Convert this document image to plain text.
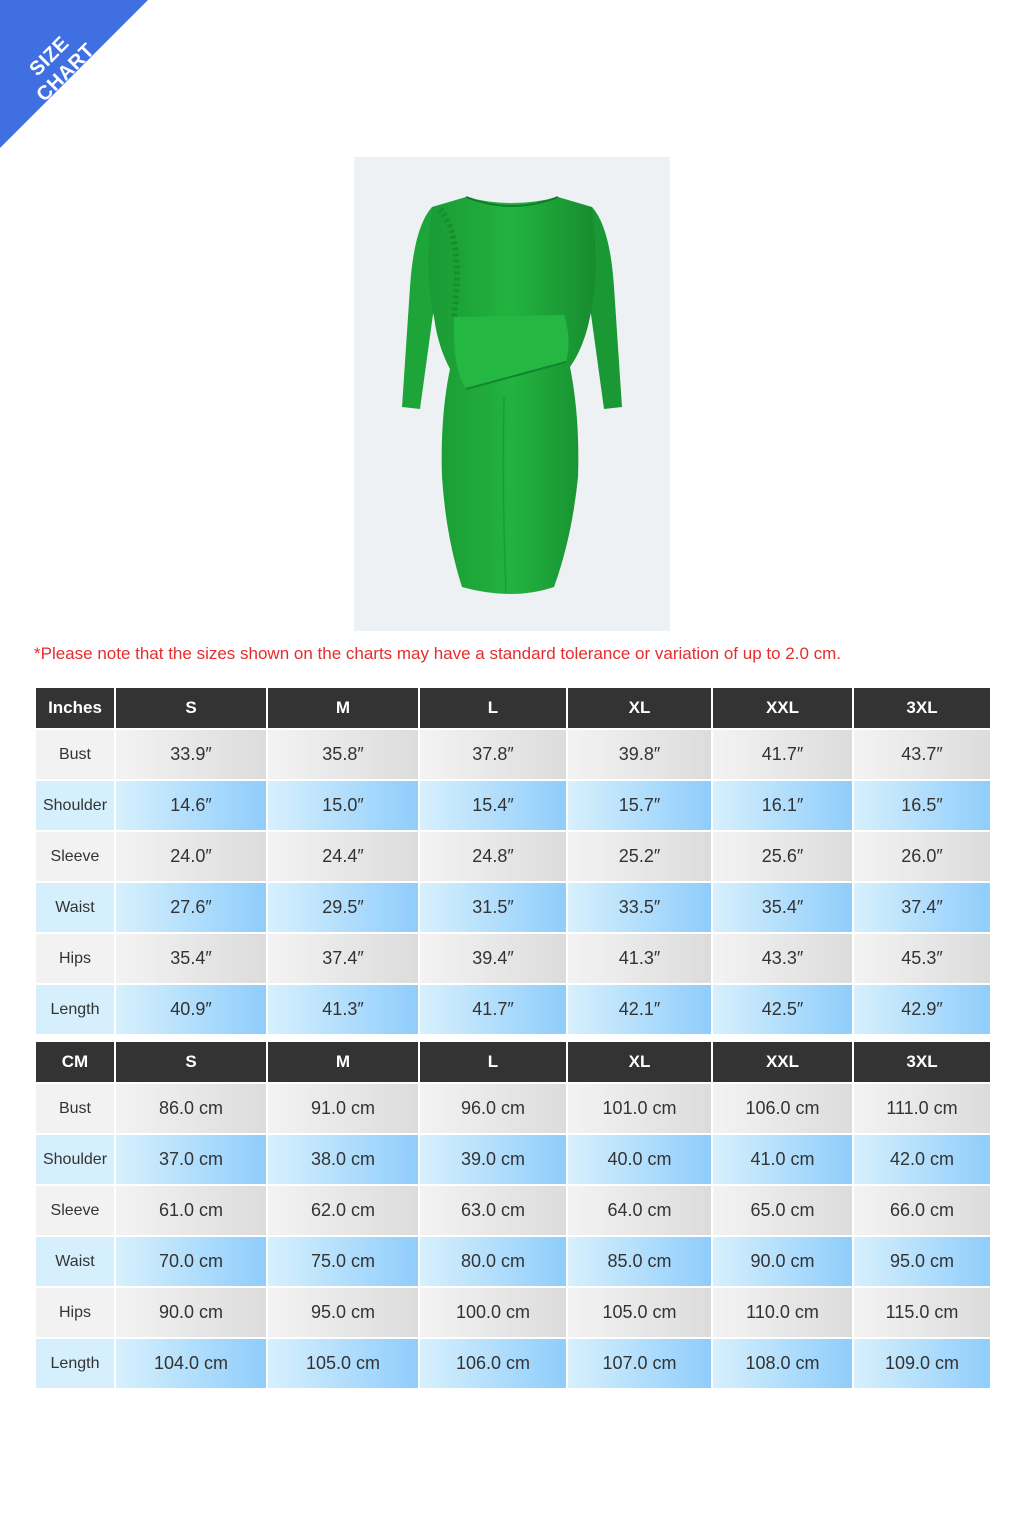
SIZE CHART
*Please note that the sizes shown on the charts may have a standard tolerance or variation of up to 2.0 cm.
Inches	S	M	L	XL	XXL	3XL
Bust	33.9″	35.8″	37.8″	39.8″	41.7″	43.7″
Shoulder	14.6″	15.0″	15.4″	15.7″	16.1″	16.5″
Sleeve	24.0″	24.4″	24.8″	25.2″	25.6″	26.0″
Waist	27.6″	29.5″	31.5″	33.5″	35.4″	37.4″
Hips	35.4″	37.4″	39.4″	41.3″	43.3″	45.3″
Length	40.9″	41.3″	41.7″	42.1″	42.5″	42.9″
CM	S	M	L	XL	XXL	3XL
Bust	86.0 cm	91.0 cm	96.0 cm	101.0 cm	106.0 cm	111.0 cm
Shoulder	37.0 cm	38.0 cm	39.0 cm	40.0 cm	41.0 cm	42.0 cm
Sleeve	61.0 cm	62.0 cm	63.0 cm	64.0 cm	65.0 cm	66.0 cm
Waist	70.0 cm	75.0 cm	80.0 cm	85.0 cm	90.0 cm	95.0 cm
Hips	90.0 cm	95.0 cm	100.0 cm	105.0 cm	110.0 cm	115.0 cm
Length	104.0 cm	105.0 cm	106.0 cm	107.0 cm	108.0 cm	109.0 cm
